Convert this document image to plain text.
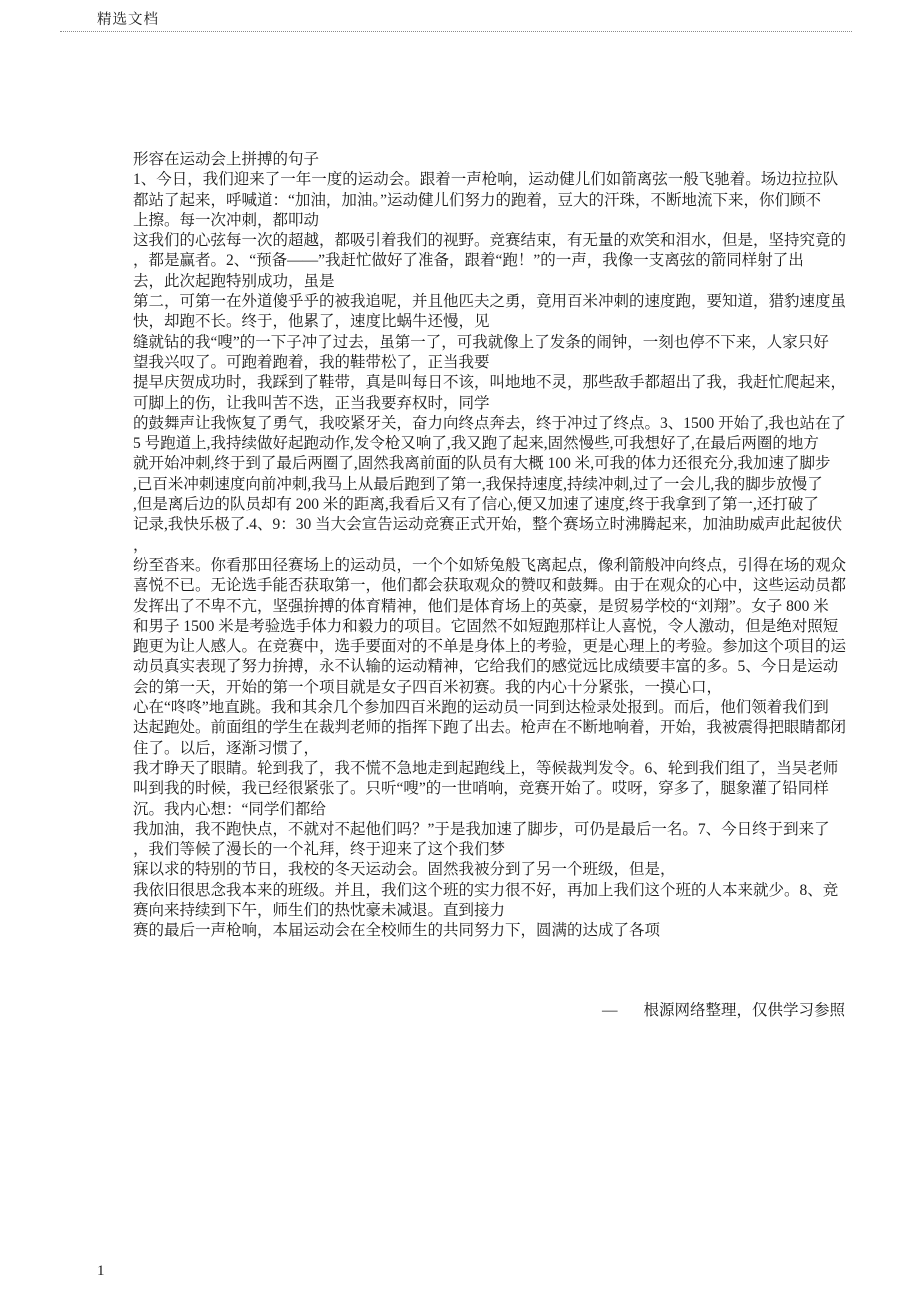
精选文档
形容在运动会上拼搏的句子
1、今日，我们迎来了一年一度的运动会。跟着一声枪响，运动健儿们如箭离弦一般飞驰着。场边拉拉队
都站了起来，呼喊道：“加油，加油。”运动健儿们努力的跑着，豆大的汗珠，不断地流下来，你们顾不
上擦。每一次冲刺，都叩动
这我们的心弦每一次的超越，都吸引着我们的视野。竞赛结束，有无量的欢笑和泪水，但是，坚持究竟的
，都是赢者。2、“预备——”我赶忙做好了准备，跟着“跑！”的一声，我像一支离弦的箭同样射了出
去，此次起跑特别成功，虽是
第二，可第一在外道傻乎乎的被我追呢，并且他匹夫之勇，竟用百米冲刺的速度跑，要知道，猎豹速度虽
快，却跑不长。终于，他累了，速度比蜗牛还慢，见
缝就钻的我“嗖”的一下子冲了过去，虽第一了，可我就像上了发条的闹钟，一刻也停不下来，人家只好
望我兴叹了。可跑着跑着，我的鞋带松了，正当我要
提早庆贺成功时，我踩到了鞋带，真是叫每日不该，叫地地不灵，那些敌手都超出了我，我赶忙爬起来，
可脚上的伤，让我叫苦不迭，正当我要弃权时，同学
的鼓舞声让我恢复了勇气，我咬紧牙关，奋力向终点奔去，终于冲过了终点。3、1500 开始了,我也站在了
5 号跑道上,我持续做好起跑动作,发令枪又响了,我又跑了起来,固然慢些,可我想好了,在最后两圈的地方
就开始冲刺,终于到了最后两圈了,固然我离前面的队员有大概 100 米,可我的体力还很充分,我加速了脚步
,已百米冲刺速度向前冲刺,我马上从最后跑到了第一,我保持速度,持续冲刺,过了一会儿,我的脚步放慢了
,但是离后边的队员却有 200 米的距离,我看后又有了信心,便又加速了速度,终于我拿到了第一,还打破了
记录,我快乐极了.4、9：30 当大会宣告运动竞赛正式开始，整个赛场立时沸腾起来，加油助威声此起彼伏
，
纷至沓来。你看那田径赛场上的运动员，一个个如矫兔般飞离起点，像利箭般冲向终点，引得在场的观众
喜悦不已。无论选手能否获取第一，他们都会获取观众的赞叹和鼓舞。由于在观众的心中，这些运动员都
发挥出了不卑不亢，坚强拚搏的体育精神，他们是体育场上的英豪，是贸易学校的“刘翔”。女子 800 米
和男子 1500 米是考验选手体力和毅力的项目。它固然不如短跑那样让人喜悦，令人激动，但是绝对照短
跑更为让人感人。在竞赛中，选手要面对的不单是身体上的考验，更是心理上的考验。参加这个项目的运
动员真实表现了努力拚搏，永不认输的运动精神，它给我们的感觉远比成绩要丰富的多。5、今日是运动
会的第一天，开始的第一个项目就是女子四百米初赛。我的内心十分紧张，一摸心口，
心在“咚咚”地直跳。我和其余几个参加四百米跑的运动员一同到达检录处报到。而后，他们领着我们到
达起跑处。前面组的学生在裁判老师的指挥下跑了出去。枪声在不断地响着，开始，我被震得把眼睛都闭
住了。以后，逐渐习惯了，
我才睁天了眼睛。轮到我了，我不慌不急地走到起跑线上，等候裁判发令。6、轮到我们组了，当吴老师
叫到我的时候，我已经很紧张了。只听“嗖”的一世哨响，竞赛开始了。哎呀，穿多了，腿象灌了铅同样
沉。我内心想：“同学们都给
我加油，我不跑快点，不就对不起他们吗？”于是我加速了脚步，可仍是最后一名。7、今日终于到来了
，我们等候了漫长的一个礼拜，终于迎来了这个我们梦
寐以求的特别的节日，我校的冬天运动会。固然我被分到了另一个班级，但是，
我依旧很思念我本来的班级。并且，我们这个班的实力很不好，再加上我们这个班的人本来就少。8、竞
赛向来持续到下午，师生们的热忱豪未减退。直到接力
赛的最后一声枪响，本届运动会在全校师生的共同努力下，圆满的达成了各项
— 根源网络整理，仅供学习参照
1
